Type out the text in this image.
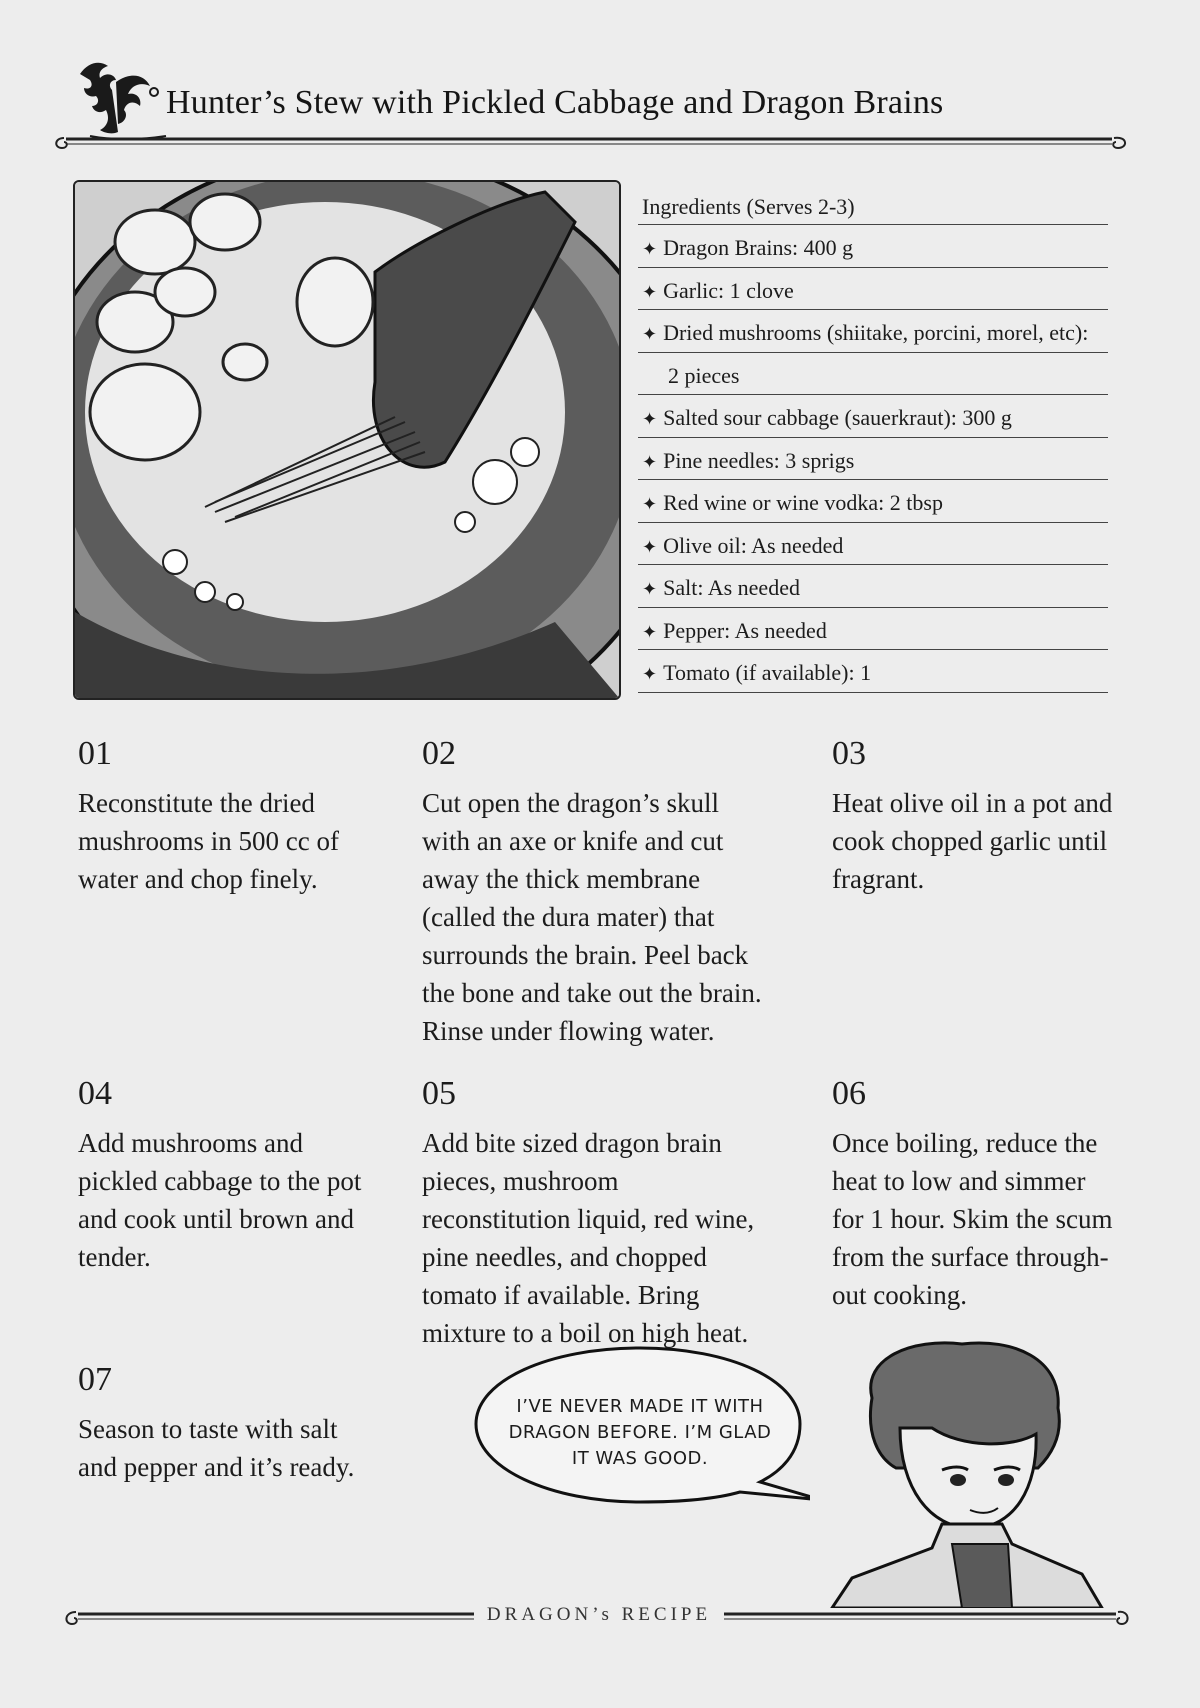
Hunter’s Stew with Pickled Cabbage and Dragon Brains
Ingredients (Serves 2-3)
✦ Dragon Brains: 400 g
✦ Garlic: 1 clove
✦ Dried mushrooms (shiitake, porcini, morel, etc):
2 pieces
✦ Salted sour cabbage (sauerkraut): 300 g
✦ Pine needles: 3 sprigs
✦ Red wine or wine vodka: 2 tbsp
✦ Olive oil: As needed
✦ Salt: As needed
✦ Pepper: As needed
✦ Tomato (if available): 1
01
Reconstitute the dried mushrooms in 500 cc of water and chop finely.
02
Cut open the dragon’s skull with an axe or knife and cut away the thick membrane (called the dura mater) that surrounds the brain. Peel back the bone and take out the brain. Rinse under flowing water.
03
Heat olive oil in a pot and cook chopped garlic until fragrant.
04
Add mushrooms and pickled cabbage to the pot and cook until brown and tender.
05
Add bite sized dragon brain pieces, mushroom reconstitution liquid, red wine, pine needles, and chopped tomato if available. Bring mixture to a boil on high heat.
06
Once boiling, reduce the heat to low and simmer for 1 hour. Skim the scum from the surface through-out cooking.
07
Season to taste with salt and pepper and it’s ready.
I’VE NEVER MADE IT WITH DRAGON BEFORE. I’M GLAD IT WAS GOOD.
DRAGON’s RECIPE
